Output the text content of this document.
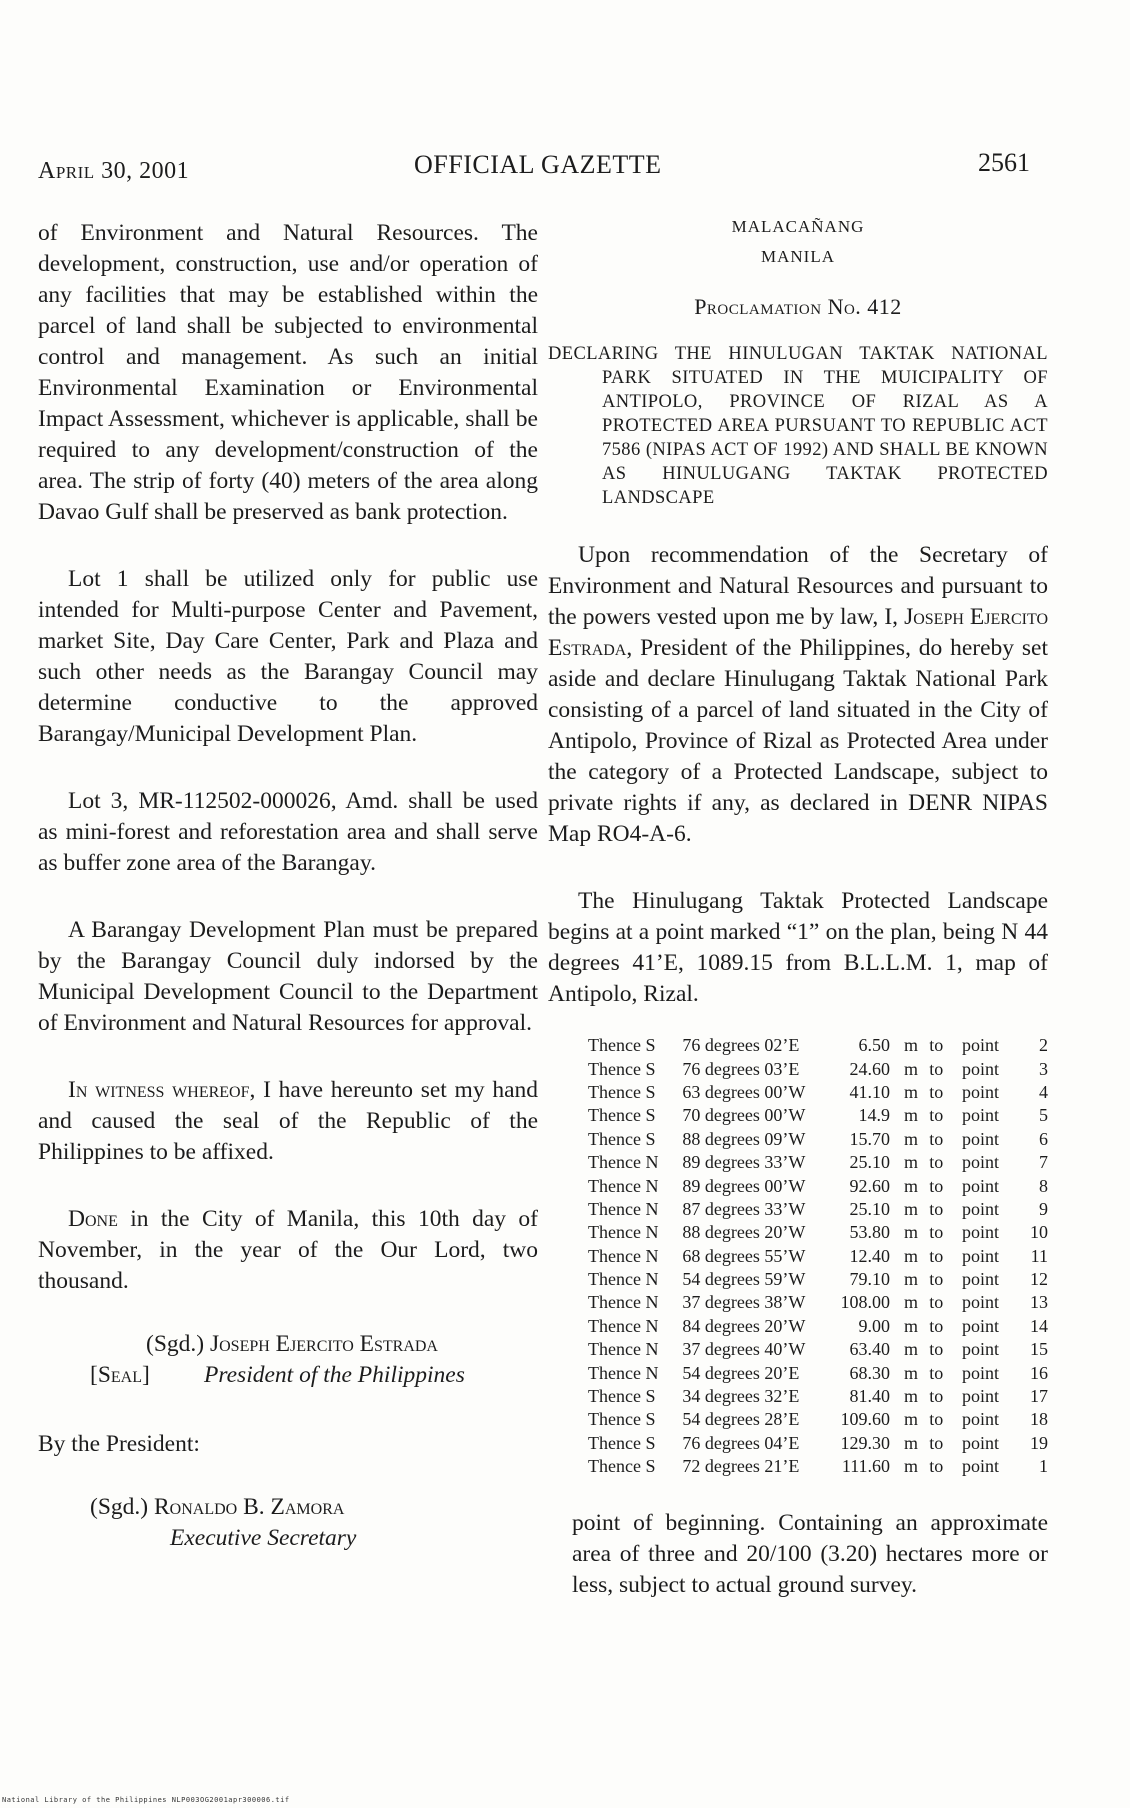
April 30, 2001	OFFICIAL GAZETTE	2561

of Environment and Natural Resources. The development, construction, use and/or operation of any facilities that may be established within the parcel of land shall be subjected to environmental control and management. As such an initial Environmental Examination or Environmental Impact Assessment, whichever is applicable, shall be required to any development/construction of the area. The strip of forty (40) meters of the area along Davao Gulf shall be preserved as bank protection.

Lot 1 shall be utilized only for public use intended for Multi-purpose Center and Pavement, market Site, Day Care Center, Park and Plaza and such other needs as the Barangay Council may determine conductive to the approved Barangay/Municipal Development Plan.

Lot 3, MR-112502-000026, Amd. shall be used as mini-forest and reforestation area and shall serve as buffer zone area of the Barangay.

A Barangay Development Plan must be prepared by the Barangay Council duly indorsed by the Municipal Development Council to the Department of Environment and Natural Resources for approval.

In witness whereof, I have hereunto set my hand and caused the seal of the Republic of the Philippines to be affixed.

Done in the City of Manila, this 10th day of November, in the year of the Our Lord, two thousand.

(Sgd.) Joseph Ejercito Estrada
[Seal]	President of the Philippines
By the President:
(Sgd.) Ronaldo B. Zamora
Executive Secretary
MALACAÑANG
MANILA
Proclamation No. 412

DECLARING THE HINULUGAN TAKTAK NATIONAL PARK SITUATED IN THE MUICIPALITY OF ANTIPOLO, PROVINCE OF RIZAL AS A PROTECTED AREA PURSUANT TO REPUBLIC ACT 7586 (NIPAS ACT OF 1992) AND SHALL BE KNOWN AS HINULUGANG TAKTAK PROTECTED LANDSCAPE

Upon recommendation of the Secretary of Environment and Natural Resources and pursuant to the powers vested upon me by law, I, Joseph Ejercito Estrada, President of the Philippines, do hereby set aside and declare Hinulugang Taktak National Park consisting of a parcel of land situated in the City of Antipolo, Province of Rizal as Protected Area under the category of a Protected Landscape, subject to private rights if any, as declared in DENR NIPAS Map RO4-A-6.

The Hinulugang Taktak Protected Landscape begins at a point marked “1” on the plan, being N 44 degrees 41’E, 1089.15 from B.L.L.M. 1, map of Antipolo, Rizal.

Thence S	76 degrees 02’E	6.50	m	to	point	2
Thence S	76 degrees 03’E	24.60	m	to	point	3
Thence S	63 degrees 00’W	41.10	m	to	point	4
Thence S	70 degrees 00’W	14.9	m	to	point	5
Thence S	88 degrees 09’W	15.70	m	to	point	6
Thence N	89 degrees 33’W	25.10	m	to	point	7
Thence N	89 degrees 00’W	92.60	m	to	point	8
Thence N	87 degrees 33’W	25.10	m	to	point	9
Thence N	88 degrees 20’W	53.80	m	to	point	10
Thence N	68 degrees 55’W	12.40	m	to	point	11
Thence N	54 degrees 59’W	79.10	m	to	point	12
Thence N	37 degrees 38’W	108.00	m	to	point	13
Thence N	84 degrees 20’W	9.00	m	to	point	14
Thence N	37 degrees 40’W	63.40	m	to	point	15
Thence N	54 degrees 20’E	68.30	m	to	point	16
Thence S	34 degrees 32’E	81.40	m	to	point	17
Thence S	54 degrees 28’E	109.60	m	to	point	18
Thence S	76 degrees 04’E	129.30	m	to	point	19
Thence S	72 degrees 21’E	111.60	m	to	point	1

point of beginning. Containing an approximate area of three and 20/100 (3.20) hectares more or less, subject to actual ground survey.

National Library of the Philippines NLP003OG2001apr300006.tif
